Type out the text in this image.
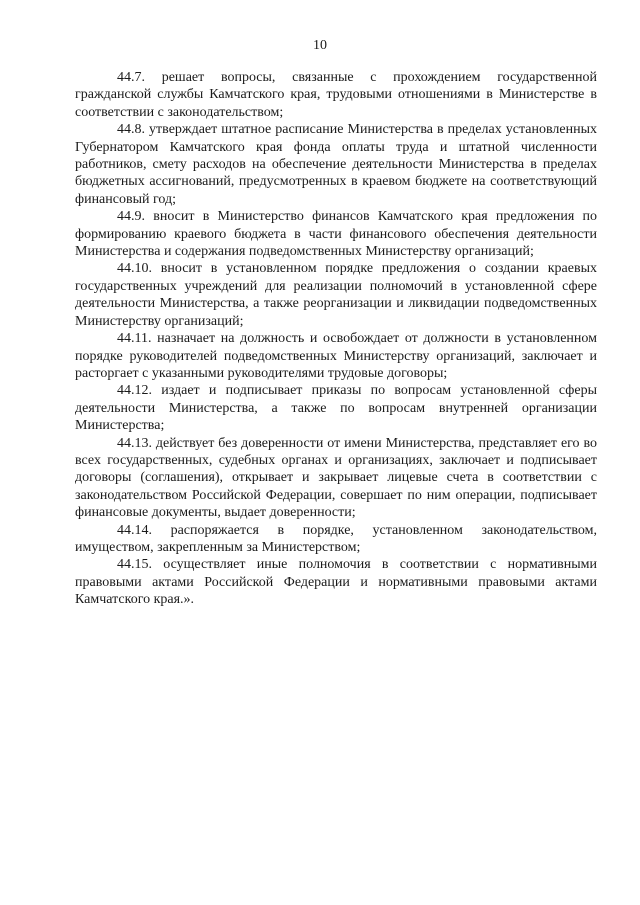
10

44.7. решает вопросы, связанные с прохождением государственной гражданской службы Камчатского края, трудовыми отношениями в Министерстве в соответствии с законодательством;

44.8. утверждает штатное расписание Министерства в пределах установленных Губернатором Камчатского края фонда оплаты труда и штатной численности работников, смету расходов на обеспечение деятельности Министерства в пределах бюджетных ассигнований, предусмотренных в краевом бюджете на соответствующий финансовый год;

44.9. вносит в Министерство финансов Камчатского края предложения по формированию краевого бюджета в части финансового обеспечения деятельности Министерства и содержания подведомственных Министерству организаций;

44.10. вносит в установленном порядке предложения о создании краевых государственных учреждений для реализации полномочий в установленной сфере деятельности Министерства, а также реорганизации и ликвидации подведомственных Министерству организаций;

44.11. назначает на должность и освобождает от должности в установленном порядке руководителей подведомственных Министерству организаций, заключает и расторгает с указанными руководителями трудовые договоры;

44.12. издает и подписывает приказы по вопросам установленной сферы деятельности Министерства, а также по вопросам внутренней организации Министерства;

44.13. действует без доверенности от имени Министерства, представляет его во всех государственных, судебных органах и организациях, заключает и подписывает договоры (соглашения), открывает и закрывает лицевые счета в соответствии с законодательством Российской Федерации, совершает по ним операции, подписывает финансовые документы, выдает доверенности;

44.14. распоряжается в порядке, установленном законодательством, имуществом, закрепленным за Министерством;

44.15. осуществляет иные полномочия в соответствии с нормативными правовыми актами Российской Федерации и нормативными правовыми актами Камчатского края.».
